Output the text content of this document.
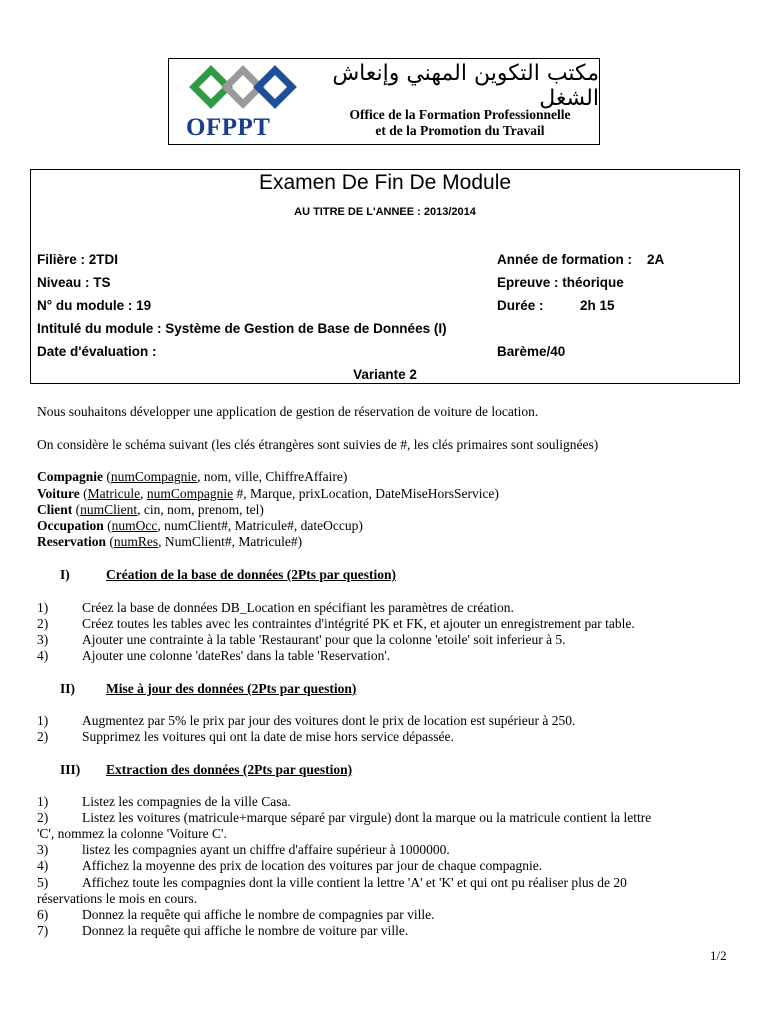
OFPPT
مكتب التكوين المهني وإنعاش الشغل
Office de la Formation Professionnelle
et de la Promotion du Travail
Examen De Fin De Module
AU TITRE DE L'ANNEE : 2013/2014
Filière : 2TDI
Niveau : TS
N° du module : 19
Intitulé du module : Système de Gestion de Base de Données (I)
Date d'évaluation :
Année de formation : 2A
Epreuve : théorique
Durée :	2h 15
Barème/40
Variante 2
Nous souhaitons développer une application de gestion de réservation de voiture de location.
On considère le schéma suivant (les clés étrangères sont suivies de #, les clés primaires sont soulignées)
Compagnie (numCompagnie, nom, ville, ChiffreAffaire)
Voiture (Matricule, numCompagnie #, Marque, prixLocation, DateMiseHorsService)
Client (numClient, cin, nom, prenom, tel)
Occupation (numOcc, numClient#, Matricule#, dateOccup)
Reservation (numRes, NumClient#, Matricule#)
I)	Création de la base de données (2Pts par question)
1)	Créez la base de données DB_Location en spécifiant les paramètres de création.
2)	Créez toutes les tables avec les contraintes d'intégrité PK et FK, et ajouter un enregistrement par table.
3)	Ajouter une contrainte à la table 'Restaurant' pour que la colonne 'etoile' soit inferieur à 5.
4)	Ajouter une colonne 'dateRes' dans la table 'Reservation'.
II) Mise à jour des données (2Pts par question)
1)	Augmentez par 5% le prix par jour des voitures dont le prix de location est supérieur à 250.
2)	Supprimez les voitures qui ont la date de mise hors service dépassée.
III) Extraction des données (2Pts par question)
1)	Listez les compagnies de la ville Casa.
2)	Listez les voitures (matricule+marque séparé par virgule) dont la marque ou la matricule contient la lettre
'C', nommez la colonne 'Voiture C'.
3)	listez les compagnies ayant un chiffre d'affaire supérieur à 1000000.
4)	Affichez la moyenne des prix de location des voitures par jour de chaque compagnie.
5)	Affichez toute les compagnies dont la ville contient la lettre 'A' et 'K' et qui ont pu réaliser plus de 20
réservations le mois en cours.
6)	Donnez la requête qui affiche le nombre de compagnies par ville.
7)	Donnez la requête qui affiche le nombre de voiture par ville.
1/2
